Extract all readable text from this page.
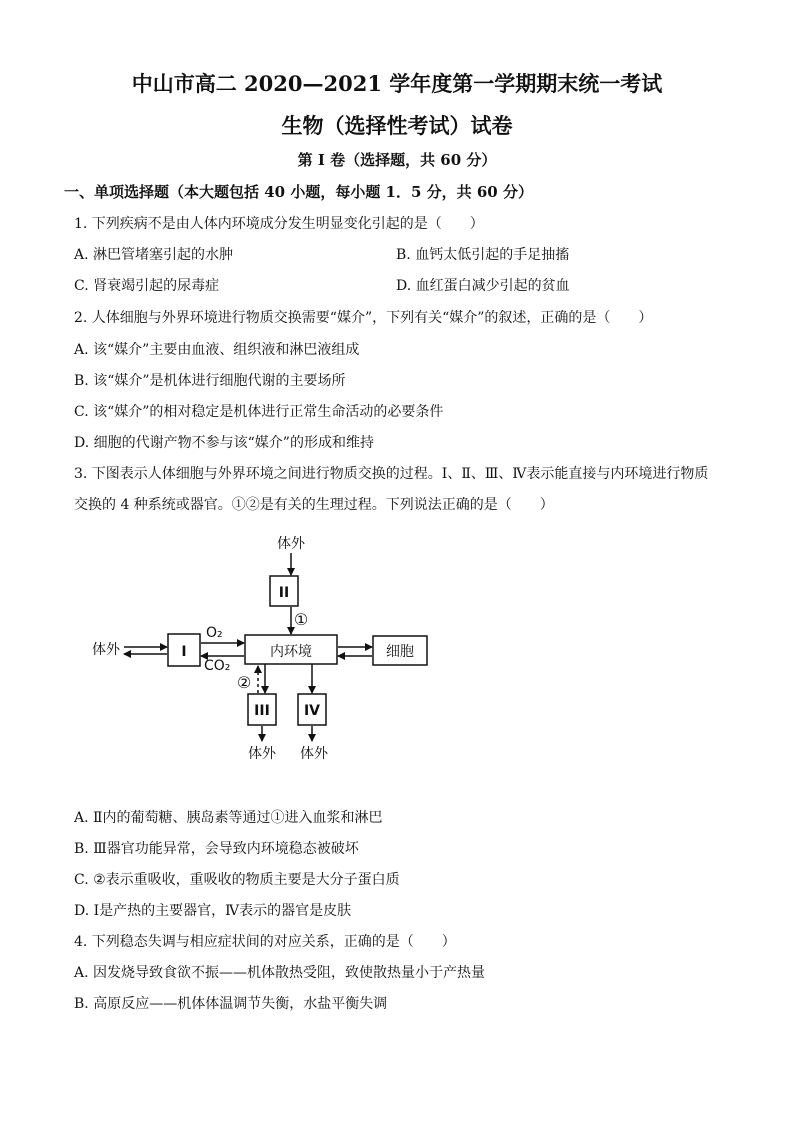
中山市高二 2020—2021 学年度第一学期期末统一考试
生物（选择性考试）试卷
第 I 卷（选择题，共 60 分）
一、单项选择题（本大题包括 40 小题，每小题 1．5 分，共 60 分）
1. 下列疾病不是由人体内环境成分发生明显变化引起的是（　　）
A. 淋巴管堵塞引起的水肿	B. 血钙太低引起的手足抽搐
C. 肾衰竭引起的尿毒症	D. 血红蛋白减少引起的贫血
2. 人体细胞与外界环境进行物质交换需要“媒介”，下列有关“媒介”的叙述，正确的是（　　）
A. 该“媒介”主要由血液、组织液和淋巴液组成
B. 该“媒介”是机体进行细胞代谢的主要场所
C. 该“媒介”的相对稳定是机体进行正常生命活动的必要条件
D. 细胞的代谢产物不参与该“媒介”的形成和维持
3. 下图表示人体细胞与外界环境之间进行物质交换的过程。Ⅰ、Ⅱ、Ⅲ、Ⅳ表示能直接与内环境进行物质
交换的 4 种系统或器官。①②是有关的生理过程。下列说法正确的是（　　）
体外
II
①
体外	I
O₂
CO₂
内环境	细胞
②
III IV
体外 体外
A. Ⅱ内的葡萄糖、胰岛素等通过①进入血浆和淋巴
B. Ⅲ器官功能异常，会导致内环境稳态被破坏
C. ②表示重吸收，重吸收的物质主要是大分子蛋白质
D. Ⅰ是产热的主要器官，Ⅳ表示的器官是皮肤
4. 下列稳态失调与相应症状间的对应关系，正确的是（　　）
A. 因发烧导致食欲不振——机体散热受阻，致使散热量小于产热量
B. 高原反应——机体体温调节失衡，水盐平衡失调
